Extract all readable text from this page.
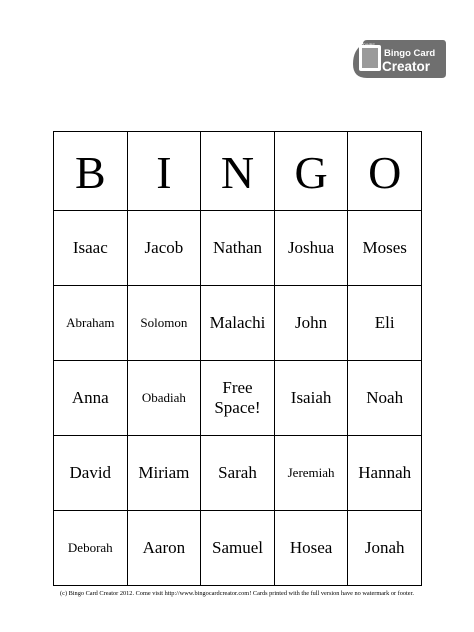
DWBE
Bingo Card
Creator
B	I	N	G	O
Isaac	Jacob	Nathan	Joshua	Moses
Abraham	Solomon	Malachi	John	Eli
Anna	Obadiah	Free Space!	Isaiah	Noah
David	Miriam	Sarah	Jeremiah	Hannah
Deborah	Aaron	Samuel	Hosea	Jonah
(c) Bingo Card Creator 2012. Come visit http://www.bingocardcreator.com! Cards printed with the full version have no watermark or footer.
